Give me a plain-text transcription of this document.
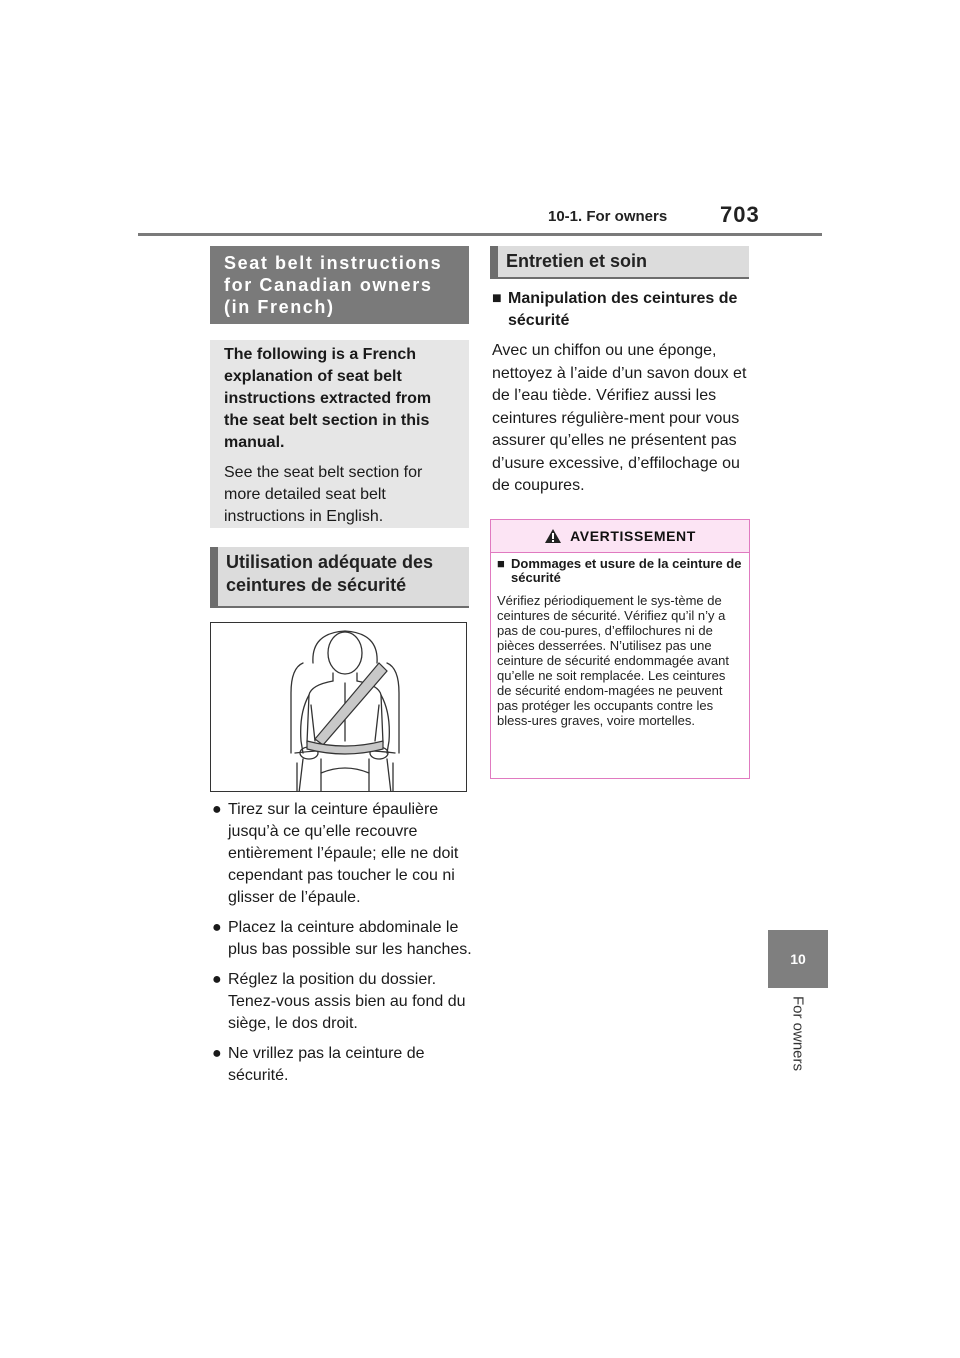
10-1. For owners 703
10
For owners
Seat belt instructions for Canadian owners (in French)

The following is a French explanation of seat belt instructions extracted from the seat belt section in this manual.

See the seat belt section for more detailed seat belt instructions in English.

Utilisation adéquate des ceintures de sécurité
● Tirez sur la ceinture épaulière jusqu’à ce qu’elle recouvre entièrement l’épaule; elle ne doit cependant pas toucher le cou ni glisser de l’épaule.
● Placez la ceinture abdominale le plus bas possible sur les hanches.
● Réglez la position du dossier. Tenez-vous assis bien au fond du siège, le dos droit.
● Ne vrillez pas la ceinture de sécurité.
Entretien et soin
■ Manipulation des ceintures de sécurité

Avec un chiffon ou une éponge, nettoyez à l’aide d’un savon doux et de l’eau tiède. Vérifiez aussi les ceintures régulière-ment pour vous assurer qu’elles ne présentent pas d’usure excessive, d’effilochage ou de coupures.

AVERTISSEMENT
■ Dommages et usure de la ceinture de sécurité

Vérifiez périodiquement le sys-tème de ceintures de sécurité. Vérifiez qu’il n’y a pas de cou-pures, d’effilochures ni de pièces desserrées. N’utilisez pas une ceinture de sécurité endommagée avant qu’elle ne soit remplacée. Les ceintures de sécurité endom-magées ne peuvent pas protéger les occupants contre les bless-ures graves, voire mortelles.
